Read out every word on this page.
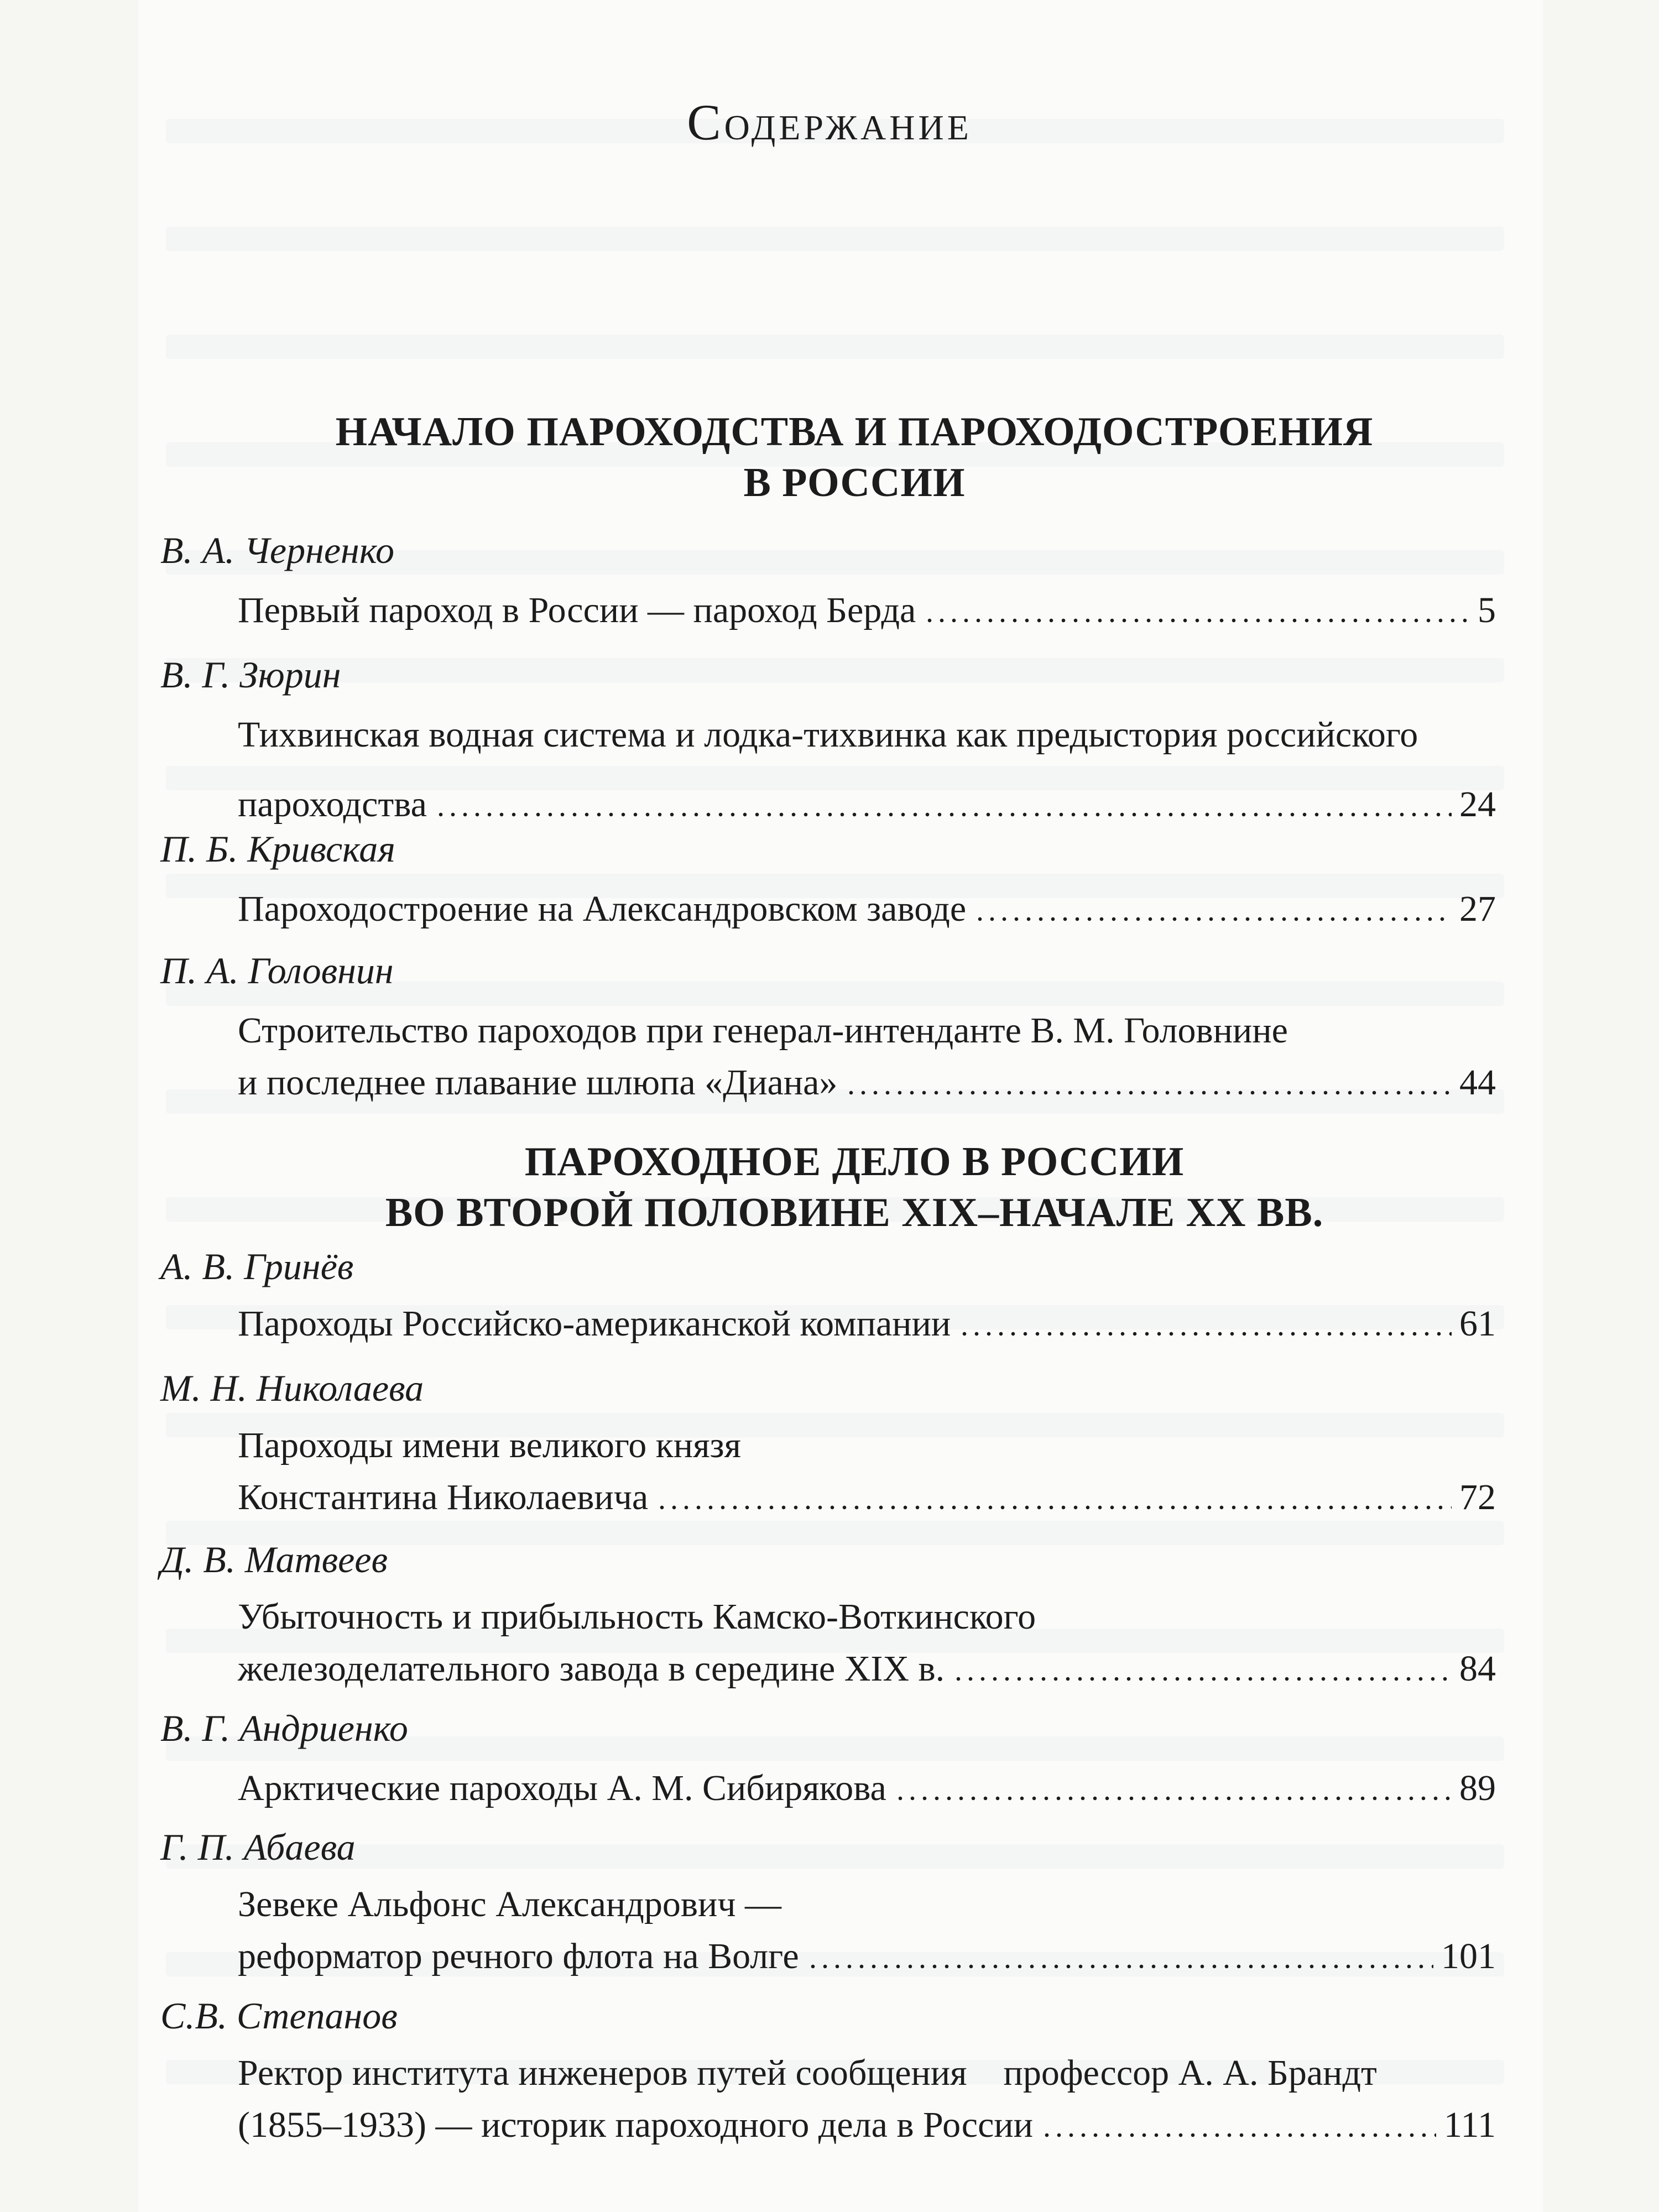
Содержание
НАЧАЛО ПАРОХОДСТВА И ПАРОХОДОСТРОЕНИЯ
В РОССИИ
В. А. Черненко
Первый пароход в России — пароход Берда	5
В. Г. Зюрин
Тихвинская водная система и лодка-тихвинка как предыстория российского
пароходства	24
П. Б. Кривская
Пароходостроение на Александровском заводе	27
П. А. Головнин
Строительство пароходов при генерал-интенданте В. М. Головнине
и последнее плавание шлюпа «Диана»	44
ПАРОХОДНОЕ ДЕЛО В РОССИИ
ВО ВТОРОЙ ПОЛОВИНЕ XIX–НАЧАЛЕ XX ВВ.
А. В. Гринёв
Пароходы Российско-американской компании	61
М. Н. Николаева
Пароходы имени великого князя
Константина Николаевича	72
Д. В. Матвеев
Убыточность и прибыльность Камско-Воткинского
железоделательного завода в середине XIX в.	84
В. Г. Андриенко
Арктические пароходы А. М. Сибирякова	89
Г. П. Абаева
Зевеке Альфонс Александрович —
реформатор речного флота на Волге	101
С.В. Степанов
Ректор института инженеров путей сообщения    профессор А. А. Брандт
(1855–1933) — историк пароходного дела в России	111
